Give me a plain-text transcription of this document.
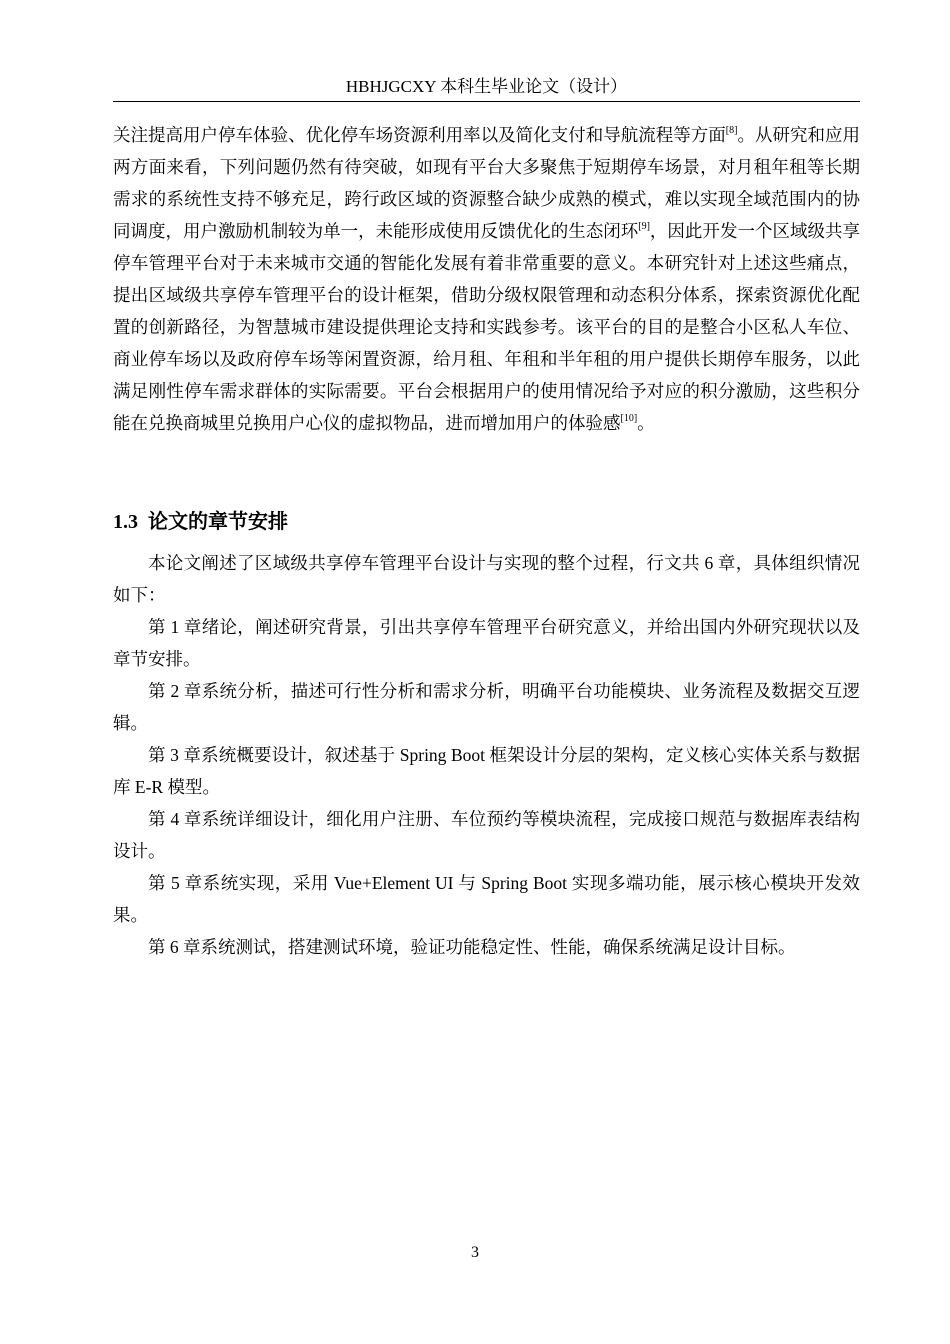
HBHJGCXY 本科生毕业论文（设计）

关注提高用户停车体验、优化停车场资源利用率以及简化支付和导航流程等方面[8]。从研究和应用两方面来看，下列问题仍然有待突破，如现有平台大多聚焦于短期停车场景，对月租年租等长期需求的系统性支持不够充足，跨行政区域的资源整合缺少成熟的模式，难以实现全域范围内的协同调度，用户激励机制较为单一，未能形成使用反馈优化的生态闭环[9]，因此开发一个区域级共享停车管理平台对于未来城市交通的智能化发展有着非常重要的意义。本研究针对上述这些痛点，提出区域级共享停车管理平台的设计框架，借助分级权限管理和动态积分体系，探索资源优化配置的创新路径，为智慧城市建设提供理论支持和实践参考。该平台的目的是整合小区私人车位、商业停车场以及政府停车场等闲置资源，给月租、年租和半年租的用户提供长期停车服务，以此满足刚性停车需求群体的实际需要。平台会根据用户的使用情况给予对应的积分激励，这些积分能在兑换商城里兑换用户心仪的虚拟物品，进而增加用户的体验感[10]。

1.3 论文的章节安排

本论文阐述了区域级共享停车管理平台设计与实现的整个过程，行文共 6 章，具体组织情况如下：

第 1 章绪论，阐述研究背景，引出共享停车管理平台研究意义，并给出国内外研究现状以及章节安排。

第 2 章系统分析，描述可行性分析和需求分析，明确平台功能模块、业务流程及数据交互逻辑。

第 3 章系统概要设计，叙述基于 Spring Boot 框架设计分层的架构，定义核心实体关系与数据库 E-R 模型。

第 4 章系统详细设计，细化用户注册、车位预约等模块流程，完成接口规范与数据库表结构设计。

第 5 章系统实现，采用 Vue+Element UI 与 Spring Boot 实现多端功能，展示核心模块开发效果。

第 6 章系统测试，搭建测试环境，验证功能稳定性、性能，确保系统满足设计目标。

3
